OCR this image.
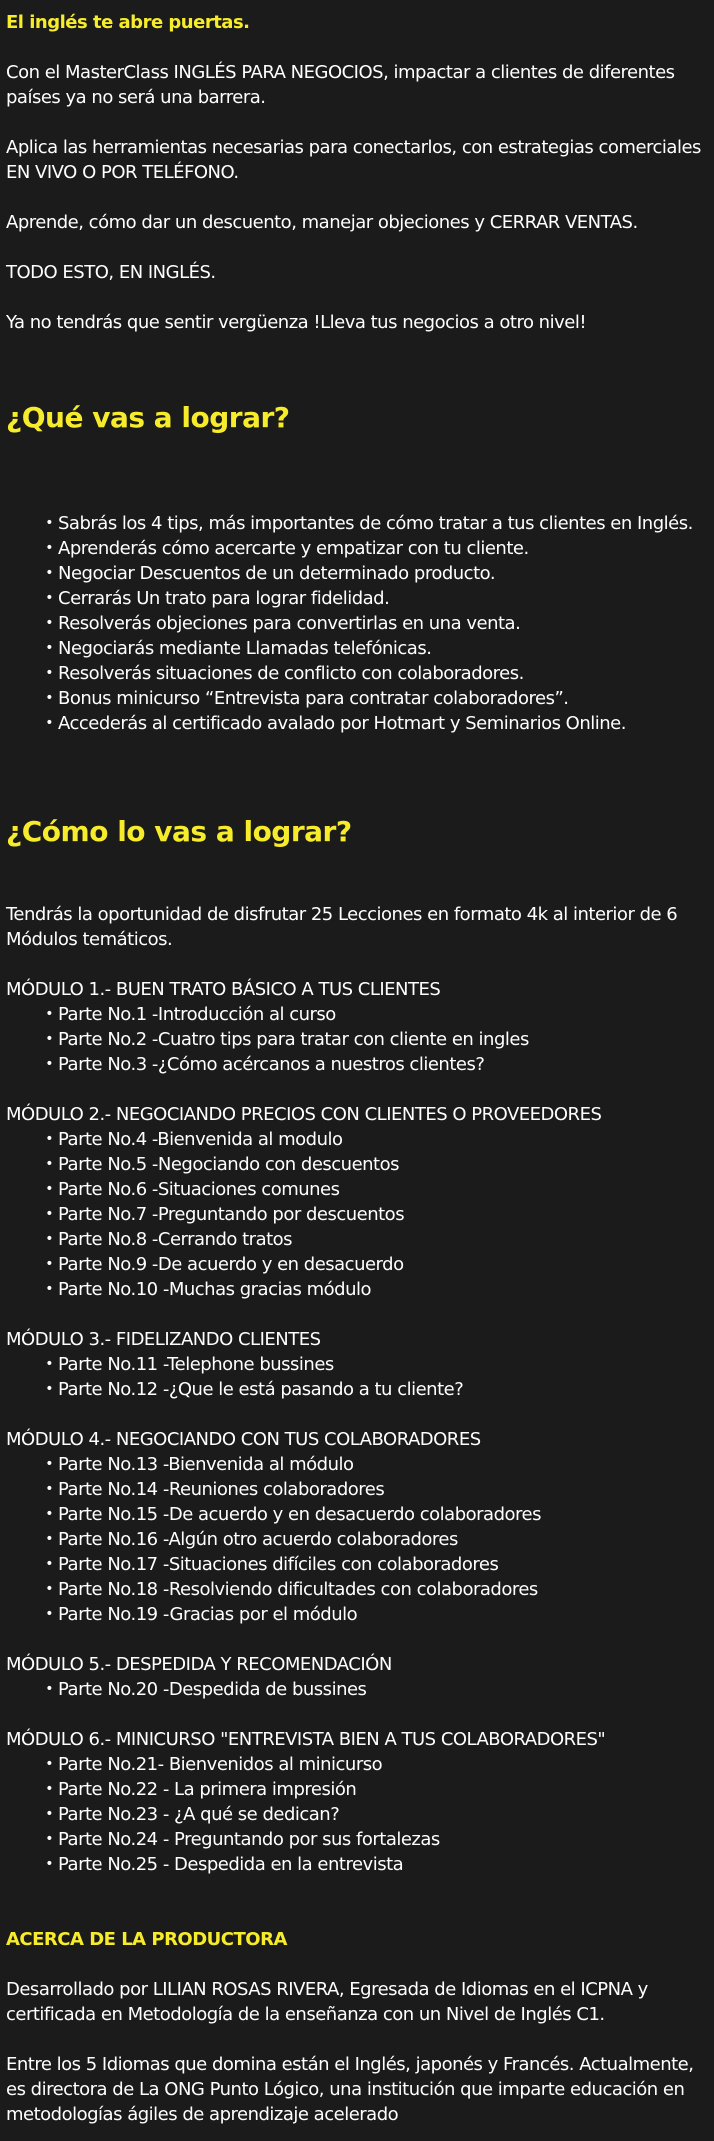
El inglés te abre puertas.

Con el MasterClass INGLÉS PARA NEGOCIOS, impactar a clientes de diferentes países ya no será una barrera.

Aplica las herramientas necesarias para conectarlos, con estrategias comerciales EN VIVO O POR TELÉFONO.

Aprende, cómo dar un descuento, manejar objeciones y CERRAR VENTAS.

TODO ESTO, EN INGLÉS.

Ya no tendrás que sentir vergüenza !Lleva tus negocios a otro nivel!

¿Qué vas a lograr?
• Sabrás los 4 tips, más importantes de cómo tratar a tus clientes en Inglés.
• Aprenderás cómo acercarte y empatizar con tu cliente.
• Negociar Descuentos de un determinado producto.
• Cerrarás Un trato para lograr fidelidad.
• Resolverás objeciones para convertirlas en una venta.
• Negociarás mediante Llamadas telefónicas.
• Resolverás situaciones de conflicto con colaboradores.
• Bonus minicurso “Entrevista para contratar colaboradores”.
• Accederás al certificado avalado por Hotmart y Seminarios Online.
¿Cómo lo vas a lograr?

Tendrás la oportunidad de disfrutar 25 Lecciones en formato 4k al interior de 6 Módulos temáticos.

MÓDULO 1.- BUEN TRATO BÁSICO A TUS CLIENTES

• Parte No.1 -Introducción al curso
• Parte No.2 -Cuatro tips para tratar con cliente en ingles
• Parte No.3 -¿Cómo acércanos a nuestros clientes?

MÓDULO 2.- NEGOCIANDO PRECIOS CON CLIENTES O PROVEEDORES

• Parte No.4 -Bienvenida al modulo
• Parte No.5 -Negociando con descuentos
• Parte No.6 -Situaciones comunes
• Parte No.7 -Preguntando por descuentos
• Parte No.8 -Cerrando tratos
• Parte No.9 -De acuerdo y en desacuerdo
• Parte No.10 -Muchas gracias módulo

MÓDULO 3.- FIDELIZANDO CLIENTES

• Parte No.11 -Telephone bussines
• Parte No.12 -¿Que le está pasando a tu cliente?

MÓDULO 4.- NEGOCIANDO CON TUS COLABORADORES

• Parte No.13 -Bienvenida al módulo
• Parte No.14 -Reuniones colaboradores
• Parte No.15 -De acuerdo y en desacuerdo colaboradores
• Parte No.16 -Algún otro acuerdo colaboradores
• Parte No.17 -Situaciones difíciles con colaboradores
• Parte No.18 -Resolviendo dificultades con colaboradores
• Parte No.19 -Gracias por el módulo

MÓDULO 5.- DESPEDIDA Y RECOMENDACIÓN

• Parte No.20 -Despedida de bussines

MÓDULO 6.- MINICURSO "ENTREVISTA BIEN A TUS COLABORADORES"

• Parte No.21- Bienvenidos al minicurso
• Parte No.22 - La primera impresión
• Parte No.23 - ¿A qué se dedican?
• Parte No.24 - Preguntando por sus fortalezas
• Parte No.25 - Despedida en la entrevista

ACERCA DE LA PRODUCTORA

Desarrollado por LILIAN ROSAS RIVERA, Egresada de Idiomas en el ICPNA y certificada en Metodología de la enseñanza con un Nivel de Inglés C1.

Entre los 5 Idiomas que domina están el Inglés, japonés y Francés. Actualmente, es directora de La ONG Punto Lógico, una institución que imparte educación en metodologías ágiles de aprendizaje acelerado
